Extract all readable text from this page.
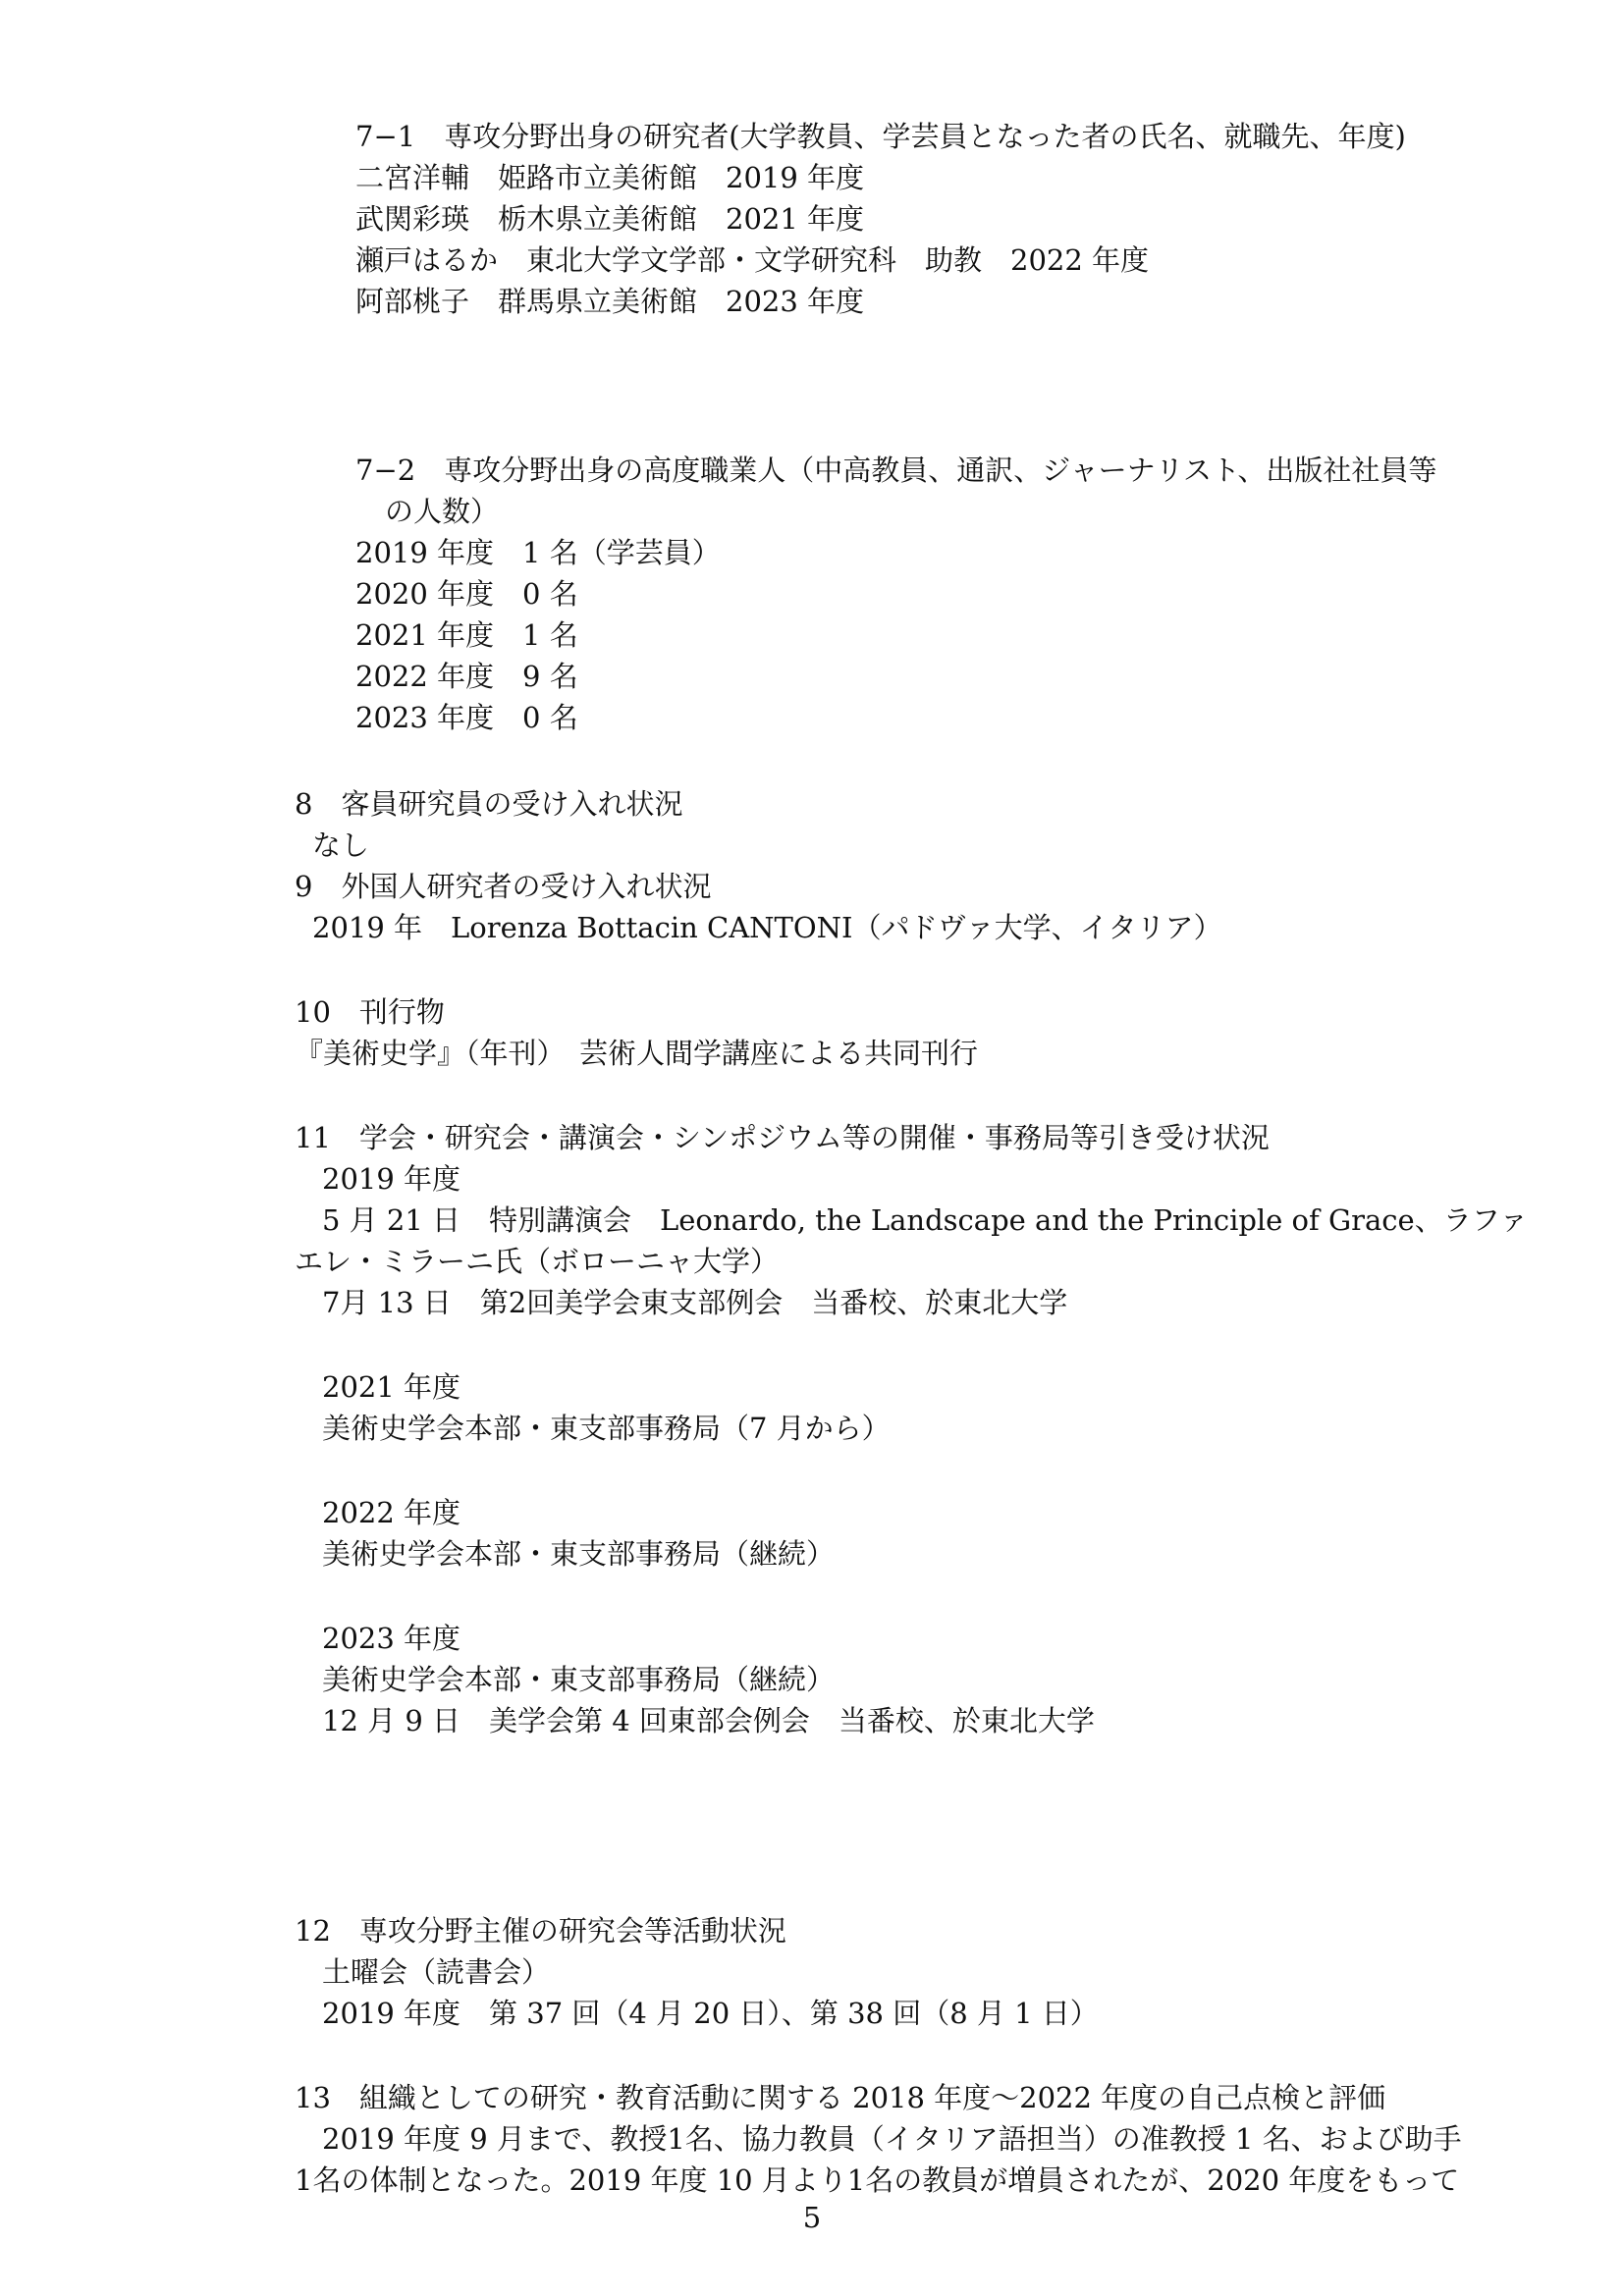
7−1　専攻分野出身の研究者(大学教員、学芸員となった者の氏名、就職先、年度)
二宮洋輔　姫路市立美術館　2019 年度
武関彩瑛　栃木県立美術館　2021 年度
瀬戸はるか　東北大学文学部・文学研究科　助教　2022 年度
阿部桃子　群馬県立美術館　2023 年度
7−2　専攻分野出身の高度職業人（中高教員、通訳、ジャーナリスト、出版社社員等
の人数）
2019 年度　1 名（学芸員）
2020 年度　0 名
2021 年度　1 名
2022 年度　9 名
2023 年度　0 名
8　客員研究員の受け入れ状況
なし
9　外国人研究者の受け入れ状況
2019 年　Lorenza Bottacin CANTONI（パドヴァ大学、イタリア）
10　刊行物
『美術史学』（年刊）　芸術人間学講座による共同刊行
11　学会・研究会・講演会・シンポジウム等の開催・事務局等引き受け状況
2019 年度
5 月 21 日　特別講演会　Leonardo, the Landscape and the Principle of Grace、ラファ
エレ・ミラーニ氏（ボローニャ大学）
7月 13 日　第2回美学会東支部例会　当番校、於東北大学
2021 年度
美術史学会本部・東支部事務局（7 月から）
2022 年度
美術史学会本部・東支部事務局（継続）
2023 年度
美術史学会本部・東支部事務局（継続）
12 月 9 日　美学会第 4 回東部会例会　当番校、於東北大学
12　専攻分野主催の研究会等活動状況
土曜会（読書会）
2019 年度　第 37 回（4 月 20 日）、第 38 回（8 月 1 日）
13　組織としての研究・教育活動に関する 2018 年度～2022 年度の自己点検と評価
2019 年度 9 月まで、教授1名、協力教員（イタリア語担当）の准教授 1 名、および助手
1名の体制となった。2019 年度 10 月より1名の教員が増員されたが、2020 年度をもって
5
